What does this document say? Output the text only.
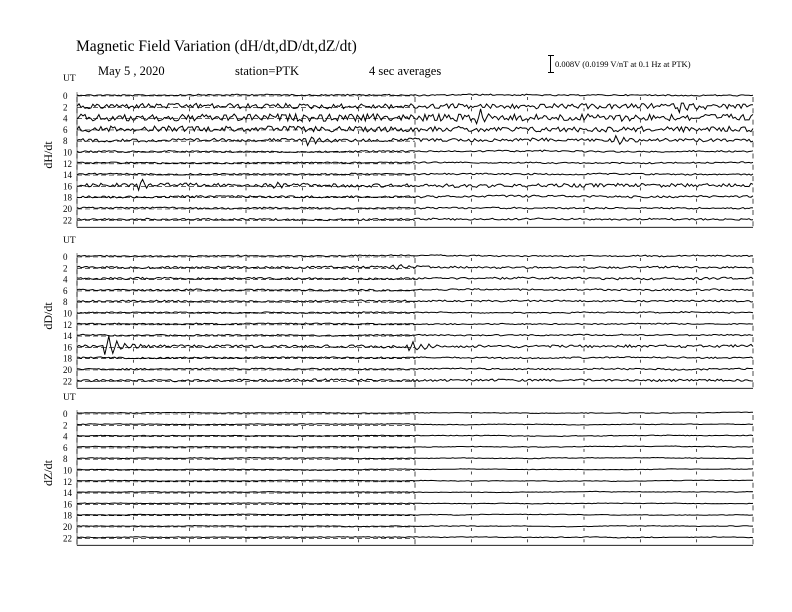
Magnetic Field Variation (dH/dt,dD/dt,dZ/dt)
May 5 , 2020	station=PTK	4 sec averages	0.008V (0.0199 V/nT at 0.1 Hz at PTK)
UT
dH/dt
0
2
4
6
8
10
12
14
16
18
20
22
UT
dD/dt
0
2
4
6
8
10
12
14
16
18
20
22
UT
dZ/dt
0
2
4
6
8
10
12
14
16
18
20
22
